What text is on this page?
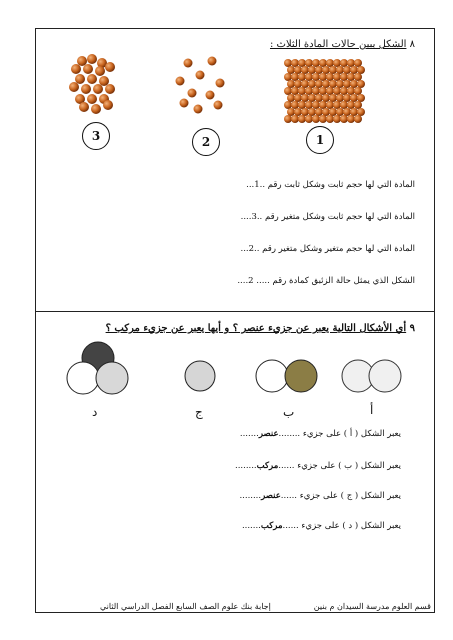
٨ الشكل يبين حالات المادة الثلاث :
3	2	1
المادة التي لها حجم ثابت وشكل ثابت رقم ..1...
المادة التي لها حجم ثابت وشكل متغير رقم ..3....
المادة التي لها حجم متغير وشكل متغير رقم ..2...
الشكل الذي يمثل حالة الزئبق كمادة رقم ..... 2....
٩ أي الأشكال التالية يعبر عن جزيء عنصر ؟ و أيها يعبر عن جزيء مركب ؟
د	ج	ب	أ
يعبر الشكل ( أ ) على جزيء ........عنصر.......
يعبر الشكل ( ب ) على جزيء ......مركب........
يعبر الشكل ( ج ) على جزيء ......عنصر........
يعبر الشكل ( د ) على جزيء ......مركب.......
إجابة بنك علوم الصف السابع الفصل الدراسي الثاني	قسم العلوم مدرسة السيدان م بنين
